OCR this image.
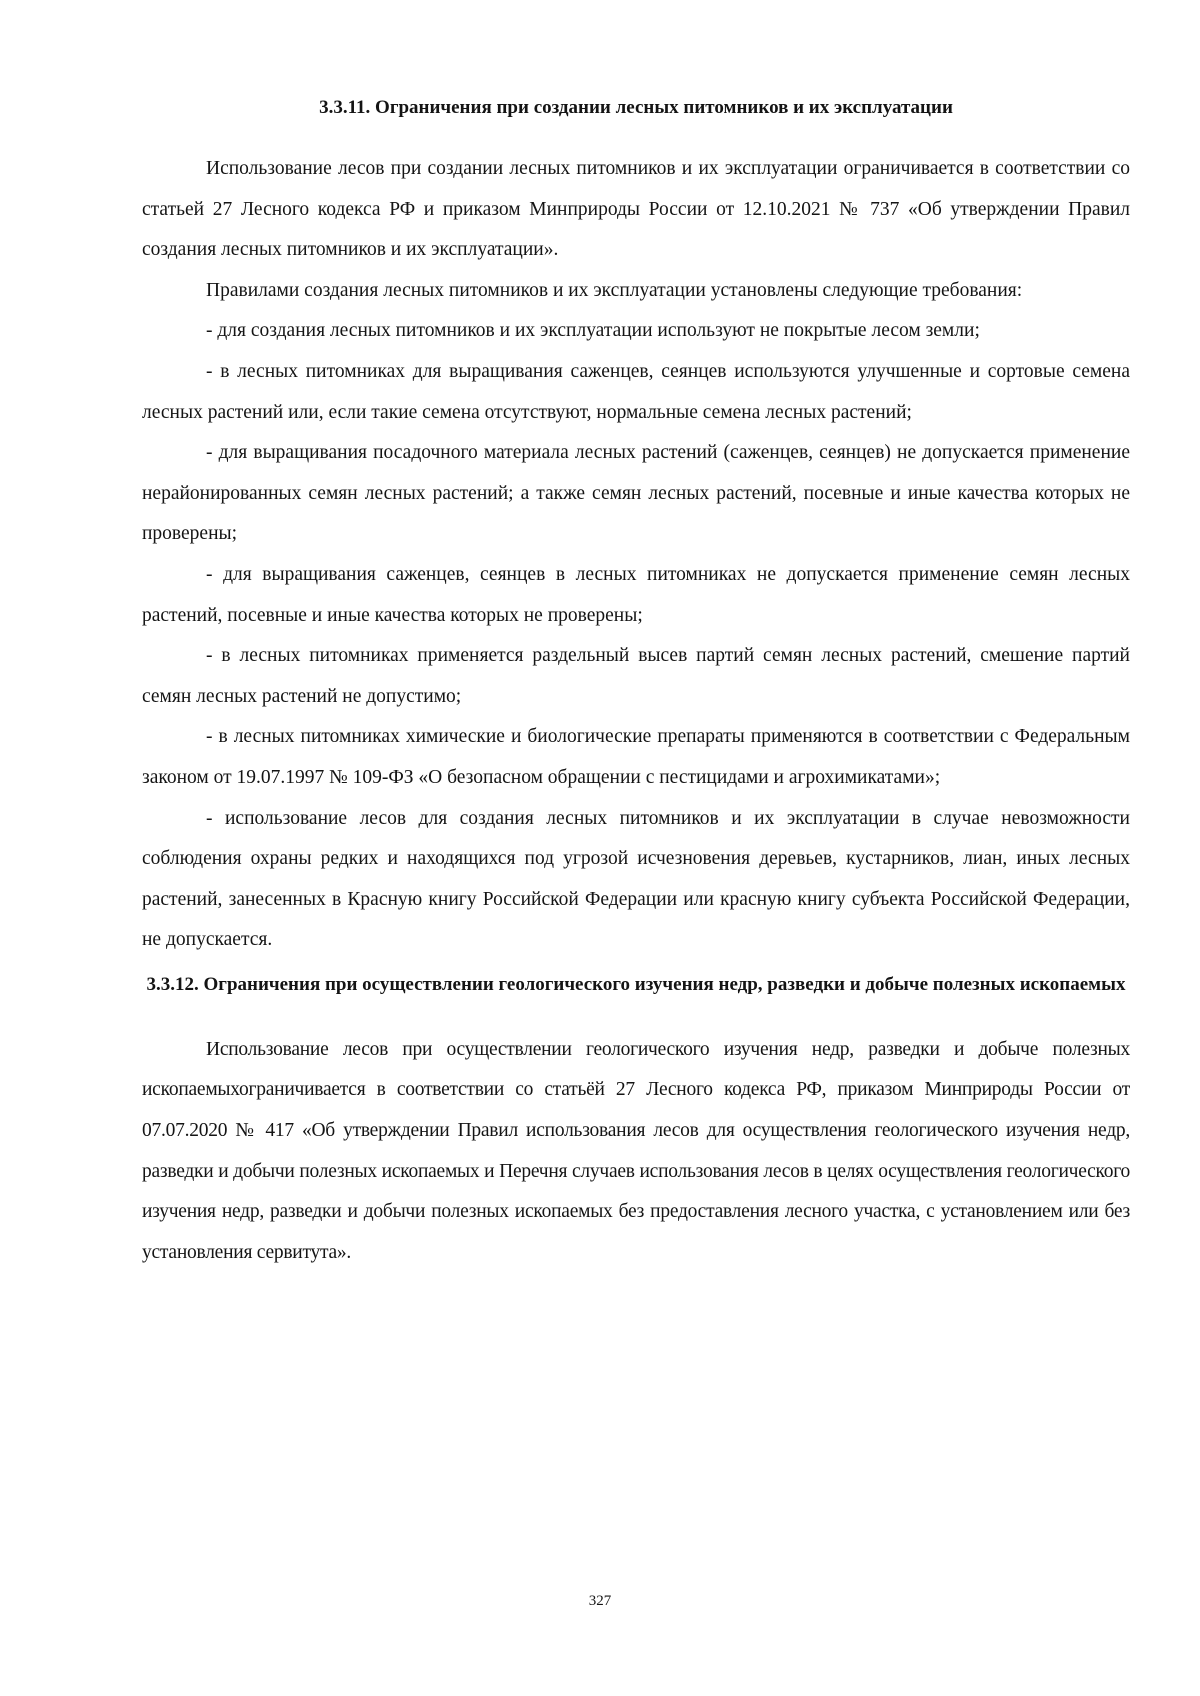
3.3.11. Ограничения при создании лесных питомников и их эксплуатации

Использование лесов при создании лесных питомников и их эксплуатации ограничивается в соответствии со статьей 27 Лесного кодекса РФ и приказом Минприроды России от 12.10.2021 № 737 «Об утверждении Правил создания лесных питомников и их эксплуатации».

Правилами создания лесных питомников и их эксплуатации установлены следующие требования:

- для создания лесных питомников и их эксплуатации используют не покрытые лесом земли;

- в лесных питомниках для выращивания саженцев, сеянцев используются улучшенные и сортовые семена лесных растений или, если такие семена отсутствуют, нормальные семена лесных растений;

- для выращивания посадочного материала лесных растений (саженцев, сеянцев) не допускается применение нерайонированных семян лесных растений; а также семян лесных растений, посевные и иные качества которых не проверены;

- для выращивания саженцев, сеянцев в лесных питомниках не допускается применение семян лесных растений, посевные и иные качества которых не проверены;

- в лесных питомниках применяется раздельный высев партий семян лесных растений, смешение партий семян лесных растений не допустимо;

- в лесных питомниках химические и биологические препараты применяются в соответствии с Федеральным законом от 19.07.1997 № 109-ФЗ «О безопасном обращении с пестицидами и агрохимикатами»;

- использование лесов для создания лесных питомников и их эксплуатации в случае невозможности соблюдения охраны редких и находящихся под угрозой исчезновения деревьев, кустарников, лиан, иных лесных растений, занесенных в Красную книгу Российской Федерации или красную книгу субъекта Российской Федерации, не допускается.

3.3.12. Ограничения при осуществлении геологического изучения недр, разведки и добыче полезных ископаемых

Использование лесов при осуществлении геологического изучения недр, разведки и добыче полезных ископаемыхограничивается в соответствии со статьёй 27 Лесного кодекса РФ, приказом Минприроды России от 07.07.2020 № 417 «Об утверждении Правил использования лесов для осуществления геологического изучения недр, разведки и добычи полезных ископаемых и Перечня случаев использования лесов в целях осуществления геологического изучения недр, разведки и добычи полезных ископаемых без предоставления лесного участка, с установлением или без установления сервитута».

327
